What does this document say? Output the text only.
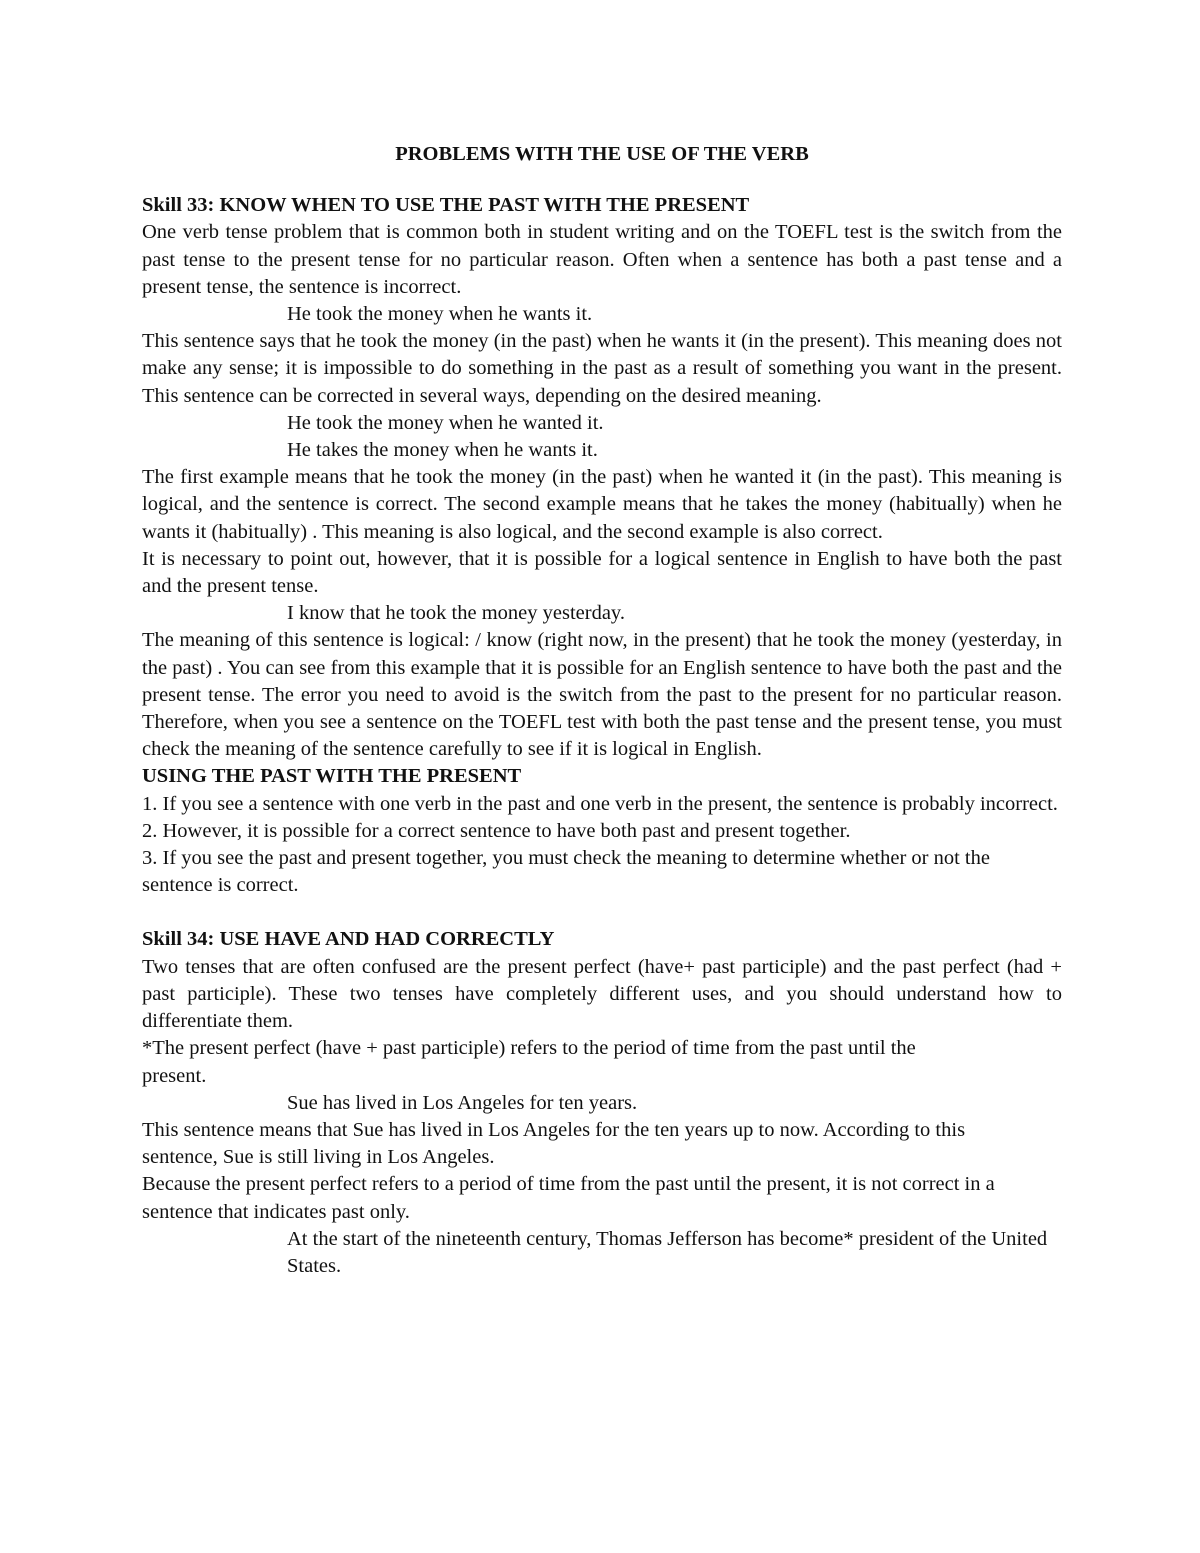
PROBLEMS WITH THE USE OF THE VERB

Skill 33: KNOW WHEN TO USE THE PAST WITH THE PRESENT

One verb tense problem that is common both in student writing and on the TOEFL test is the switch from the past tense to the present tense for no particular reason. Often when a sentence has both a past tense and a present tense, the sentence is incorrect.

He took the money when he wants it.

This sentence says that he took the money (in the past) when he wants it (in the present). This meaning does not make any sense; it is impossible to do something in the past as a result of something you want in the present. This sentence can be corrected in several ways, depending on the desired meaning.

He took the money when he wanted it.

He takes the money when he wants it.

The first example means that he took the money (in the past) when he wanted it (in the past). This meaning is logical, and the sentence is correct. The second example means that he takes the money (habitually) when he wants it (habitually) . This meaning is also logical, and the second example is also correct.

It is necessary to point out, however, that it is possible for a logical sentence in English to have both the past and the present tense.

I know that he took the money yesterday.

The meaning of this sentence is logical: / know (right now, in the present) that he took the money (yesterday, in the past) . You can see from this example that it is possible for an English sentence to have both the past and the present tense. The error you need to avoid is the switch from the past to the present for no particular reason. Therefore, when you see a sentence on the TOEFL test with both the past tense and the present tense, you must check the meaning of the sentence carefully to see if it is logical in English.

USING THE PAST WITH THE PRESENT

1. If you see a sentence with one verb in the past and one verb in the present, the sentence is probably incorrect.

2. However, it is possible for a correct sentence to have both past and present together.

3. If you see the past and present together, you must check the meaning to determine whether or not the sentence is correct.

Skill 34: USE HAVE AND HAD CORRECTLY

Two tenses that are often confused are the present perfect (have+ past participle) and the past perfect (had + past participle). These two tenses have completely different uses, and you should understand how to differentiate them.

*The present perfect (have + past participle) refers to the period of time from the past until the present.

Sue has lived in Los Angeles for ten years.

This sentence means that Sue has lived in Los Angeles for the ten years up to now. According to this sentence, Sue is still living in Los Angeles.

Because the present perfect refers to a period of time from the past until the present, it is not correct in a sentence that indicates past only.

At the start of the nineteenth century, Thomas Jefferson has become* president of the United States.
